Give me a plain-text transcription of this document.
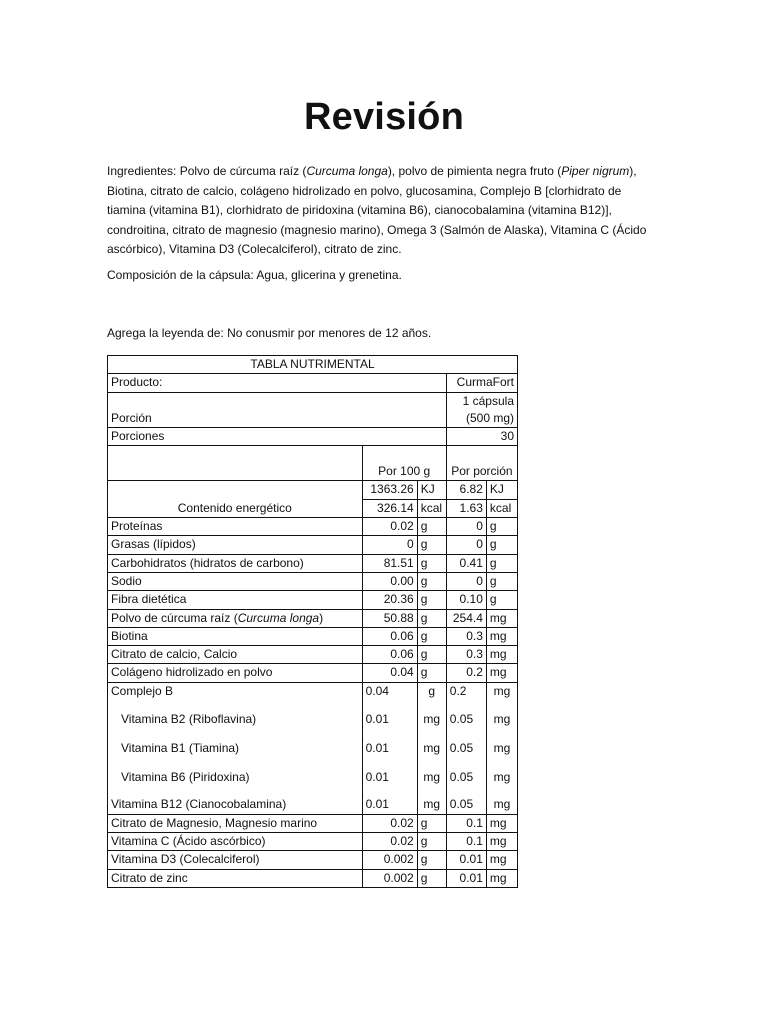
Revisión
Ingredientes: Polvo de cúrcuma raíz (Curcuma longa), polvo de pimienta negra fruto (Piper nigrum), Biotina, citrato de calcio, colágeno hidrolizado en polvo, glucosamina, Complejo B [clorhidrato de tiamina (vitamina B1), clorhidrato de piridoxina (vitamina B6), cianocobalamina (vitamina B12)], condroitina, citrato de magnesio (magnesio marino), Omega 3 (Salmón de Alaska), Vitamina C (Ácido ascórbico), Vitamina D3 (Colecalciferol), citrato de zinc.
Composición de la cápsula: Agua, glicerina y grenetina.
Agrega la leyenda de: No conusmir por menores de 12 años.
TABLA NUTRIMENTAL				
Producto:			CurmaFort	
Porción			1 cápsula (500 mg)	
Porciones			30	
	Por 100 g		Por porción	
Contenido energético	1363.26	KJ	6.82	KJ
	326.14	kcal	1.63	kcal
Proteínas	0.02	g	0	g
Grasas (lípidos)	0	g	0	g
Carbohidratos (hidratos de carbono)	81.51	g	0.41	g
Sodio	0.00	g	0	g
Fibra dietética	20.36	g	0.10	g
Polvo de cúrcuma raíz (Curcuma longa)	50.88	g	254.4	mg
Biotina	0.06	g	0.3	mg
Citrato de calcio, Calcio	0.06	g	0.3	mg
Colágeno hidrolizado en polvo	0.04	g	0.2	mg
Complejo B	0.04	g	0.2	mg
Vitamina B2 (Riboflavina)	0.01	mg	0.05	mg
Vitamina B1 (Tiamina)	0.01	mg	0.05	mg
Vitamina B6 (Piridoxina)	0.01	mg	0.05	mg
Vitamina B12 (Cianocobalamina)	0.01	mg	0.05	mg
Citrato de Magnesio, Magnesio marino	0.02	g	0.1	mg
Vitamina C (Ácido ascórbico)	0.02	g	0.1	mg
Vitamina D3 (Colecalciferol)	0.002	g	0.01	mg
Citrato de zinc	0.002	g	0.01	mg
